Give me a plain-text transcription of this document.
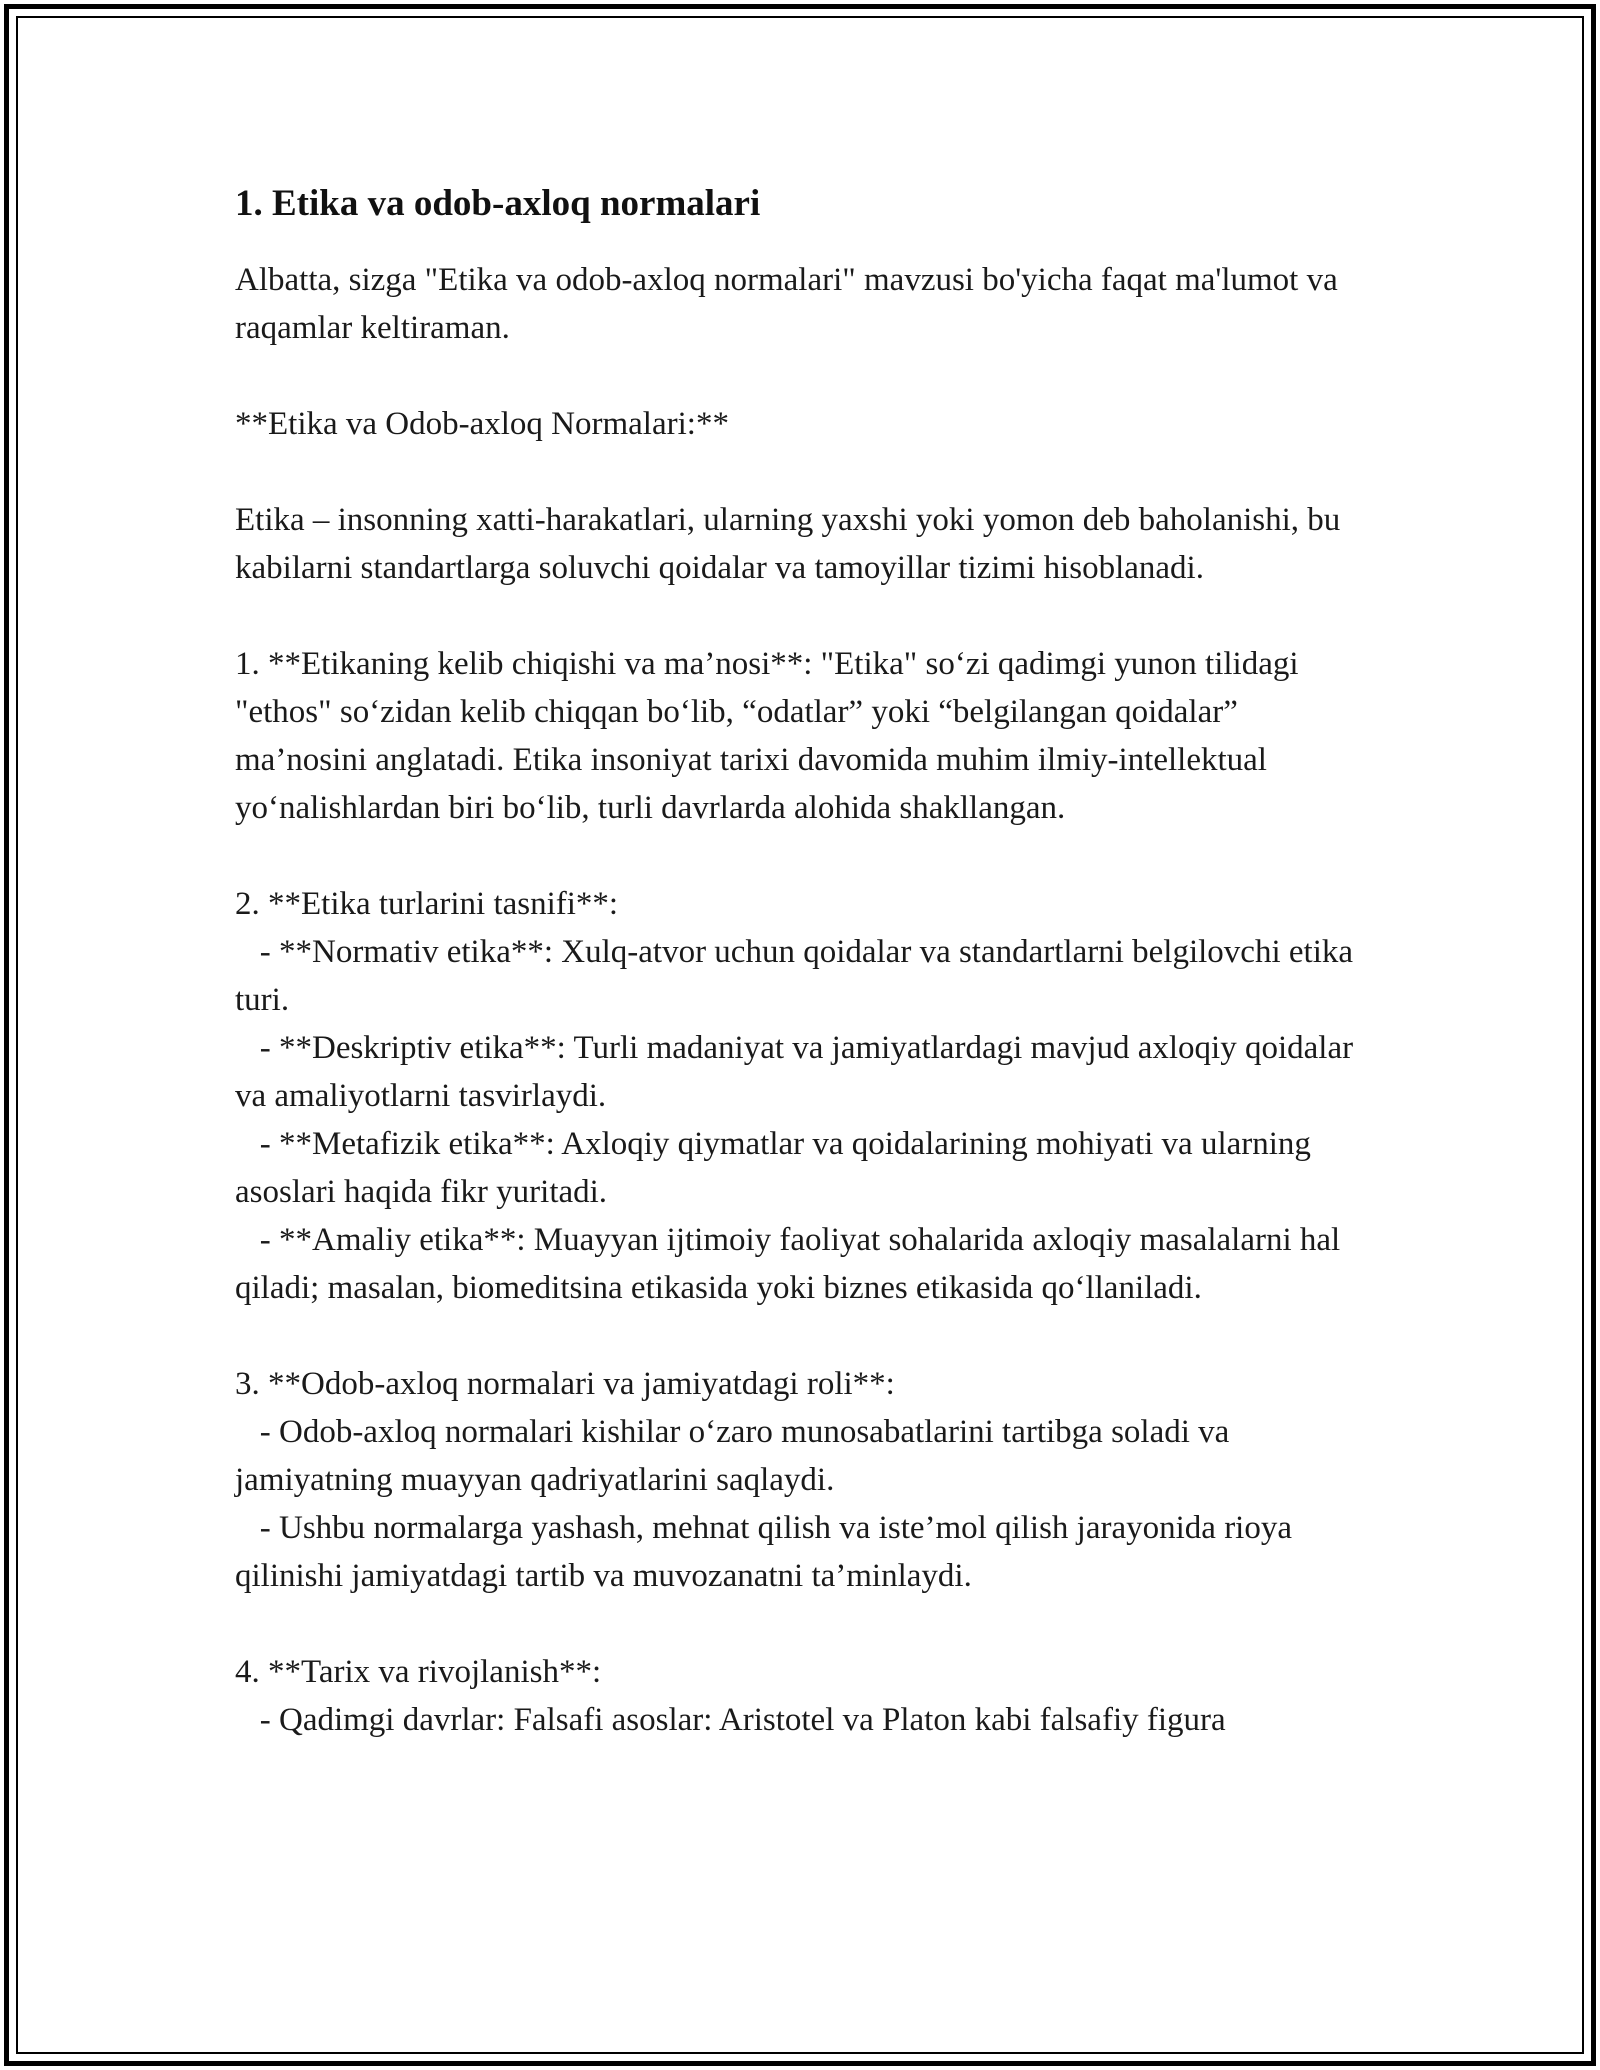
1. Etika va odob-axloq normalari

Albatta, sizga "Etika va odob-axloq normalari" mavzusi bo'yicha faqat ma'lumot va raqamlar keltiraman.

**Etika va Odob-axloq Normalari:**

Etika – insonning xatti-harakatlari, ularning yaxshi yoki yomon deb baholanishi, bu kabilarni standartlarga soluvchi qoidalar va tamoyillar tizimi hisoblanadi.

1. **Etikaning kelib chiqishi va ma’nosi**: "Etika" so‘zi qadimgi yunon tilidagi "ethos" so‘zidan kelib chiqqan bo‘lib, “odatlar” yoki “belgilangan qoidalar” ma’nosini anglatadi. Etika insoniyat tarixi davomida muhim ilmiy-intellektual yo‘nalishlardan biri bo‘lib, turli davrlarda alohida shakllangan.

2. **Etika turlarini tasnifi**:

- **Normativ etika**: Xulq-atvor uchun qoidalar va standartlarni belgilovchi etika turi.

- **Deskriptiv etika**: Turli madaniyat va jamiyatlardagi mavjud axloqiy qoidalar va amaliyotlarni tasvirlaydi.

- **Metafizik etika**: Axloqiy qiymatlar va qoidalarining mohiyati va ularning asoslari haqida fikr yuritadi.

- **Amaliy etika**: Muayyan ijtimoiy faoliyat sohalarida axloqiy masalalarni hal qiladi; masalan, biomeditsina etikasida yoki biznes etikasida qo‘llaniladi.

3. **Odob-axloq normalari va jamiyatdagi roli**:

- Odob-axloq normalari kishilar o‘zaro munosabatlarini tartibga soladi va jamiyatning muayyan qadriyatlarini saqlaydi.

- Ushbu normalarga yashash, mehnat qilish va iste’mol qilish jarayonida rioya qilinishi jamiyatdagi tartib va muvozanatni ta’minlaydi.

4. **Tarix va rivojlanish**:

- Qadimgi davrlar: Falsafi asoslar: Aristotel va Platon kabi falsafiy figura
